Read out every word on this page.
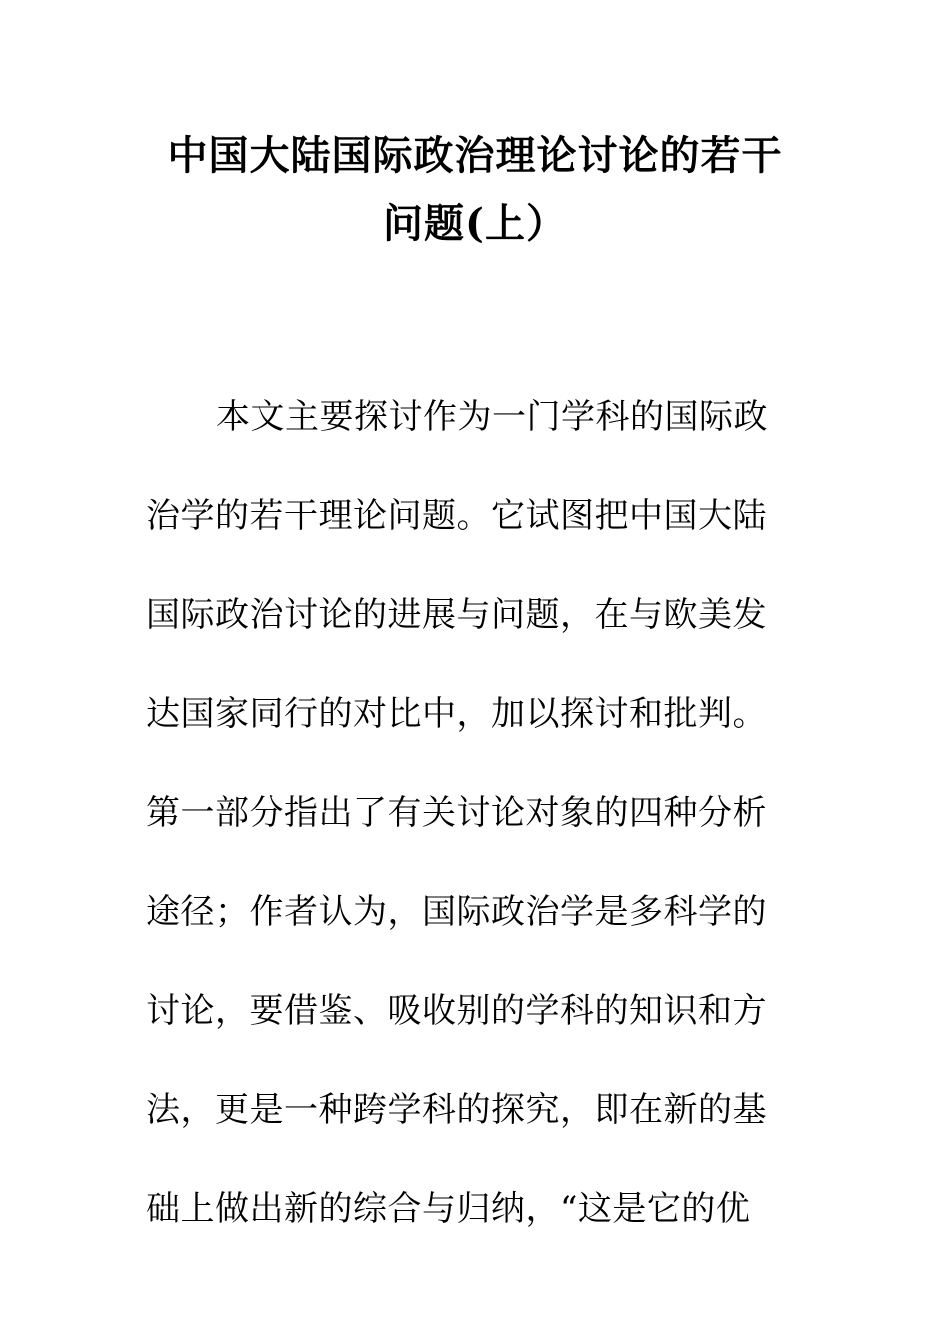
中国大陆国际政治理论讨论的若干
问题(上）
本文主要探讨作为一门学科的国际政
治学的若干理论问题。它试图把中国大陆
国际政治讨论的进展与问题，在与欧美发
达国家同行的对比中，加以探讨和批判。
第一部分指出了有关讨论对象的四种分析
途径；作者认为，国际政治学是多科学的
讨论，要借鉴、吸收别的学科的知识和方
法，更是一种跨学科的探究，即在新的基
础上做出新的综合与归纳，“这是它的优
